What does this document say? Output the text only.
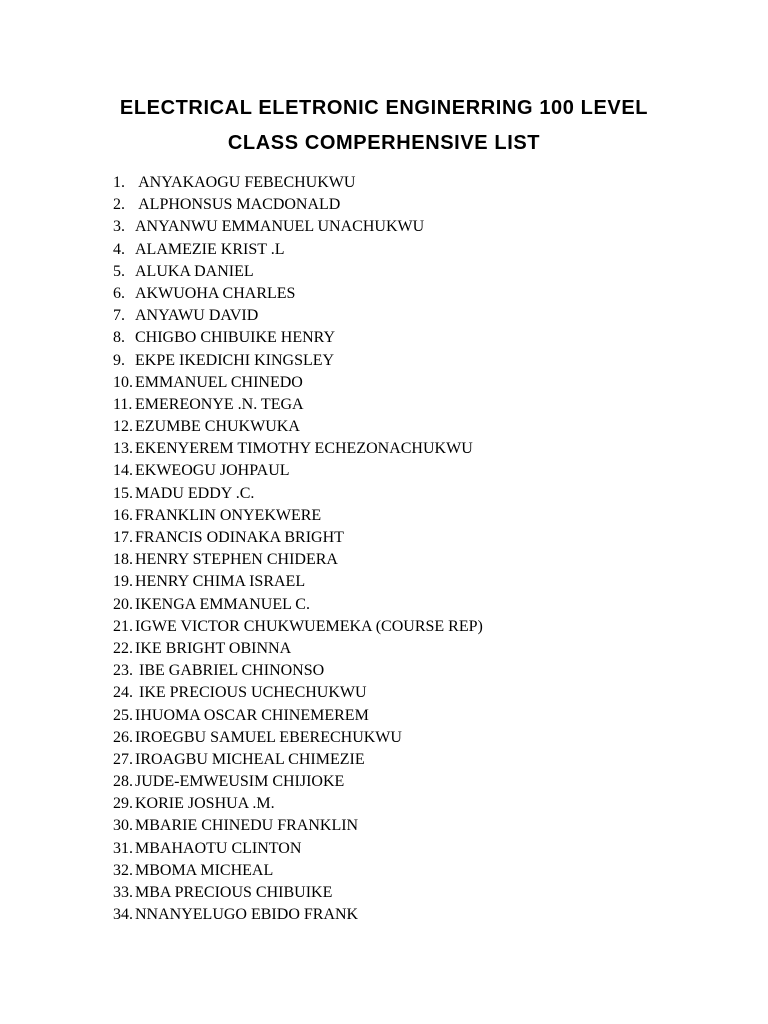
ELECTRICAL ELETRONIC ENGINERRING 100 LEVEL
CLASS COMPERHENSIVE LIST
1. ANYAKAOGU FEBECHUKWU
2. ALPHONSUS MACDONALD
3. ANYANWU EMMANUEL UNACHUKWU
4. ALAMEZIE KRIST .L
5. ALUKA DANIEL
6. AKWUOHA CHARLES
7. ANYAWU DAVID
8. CHIGBO CHIBUIKE HENRY
9. EKPE IKEDICHI KINGSLEY
10. EMMANUEL CHINEDO
11. EMEREONYE .N. TEGA
12. EZUMBE CHUKWUKA
13. EKENYEREM TIMOTHY ECHEZONACHUKWU
14. EKWEOGU JOHPAUL
15. MADU EDDY .C.
16. FRANKLIN ONYEKWERE
17. FRANCIS ODINAKA BRIGHT
18. HENRY STEPHEN CHIDERA
19. HENRY CHIMA ISRAEL
20. IKENGA EMMANUEL C.
21. IGWE VICTOR CHUKWUEMEKA (COURSE REP)
22. IKE BRIGHT OBINNA
23. IBE GABRIEL CHINONSO
24. IKE PRECIOUS UCHECHUKWU
25. IHUOMA OSCAR CHINEMEREM
26. IROEGBU SAMUEL EBERECHUKWU
27. IROAGBU MICHEAL CHIMEZIE
28. JUDE-EMWEUSIM CHIJIOKE
29. KORIE JOSHUA .M.
30. MBARIE CHINEDU FRANKLIN
31. MBAHAOTU CLINTON
32. MBOMA MICHEAL
33. MBA PRECIOUS CHIBUIKE
34. NNANYELUGO EBIDO FRANK
